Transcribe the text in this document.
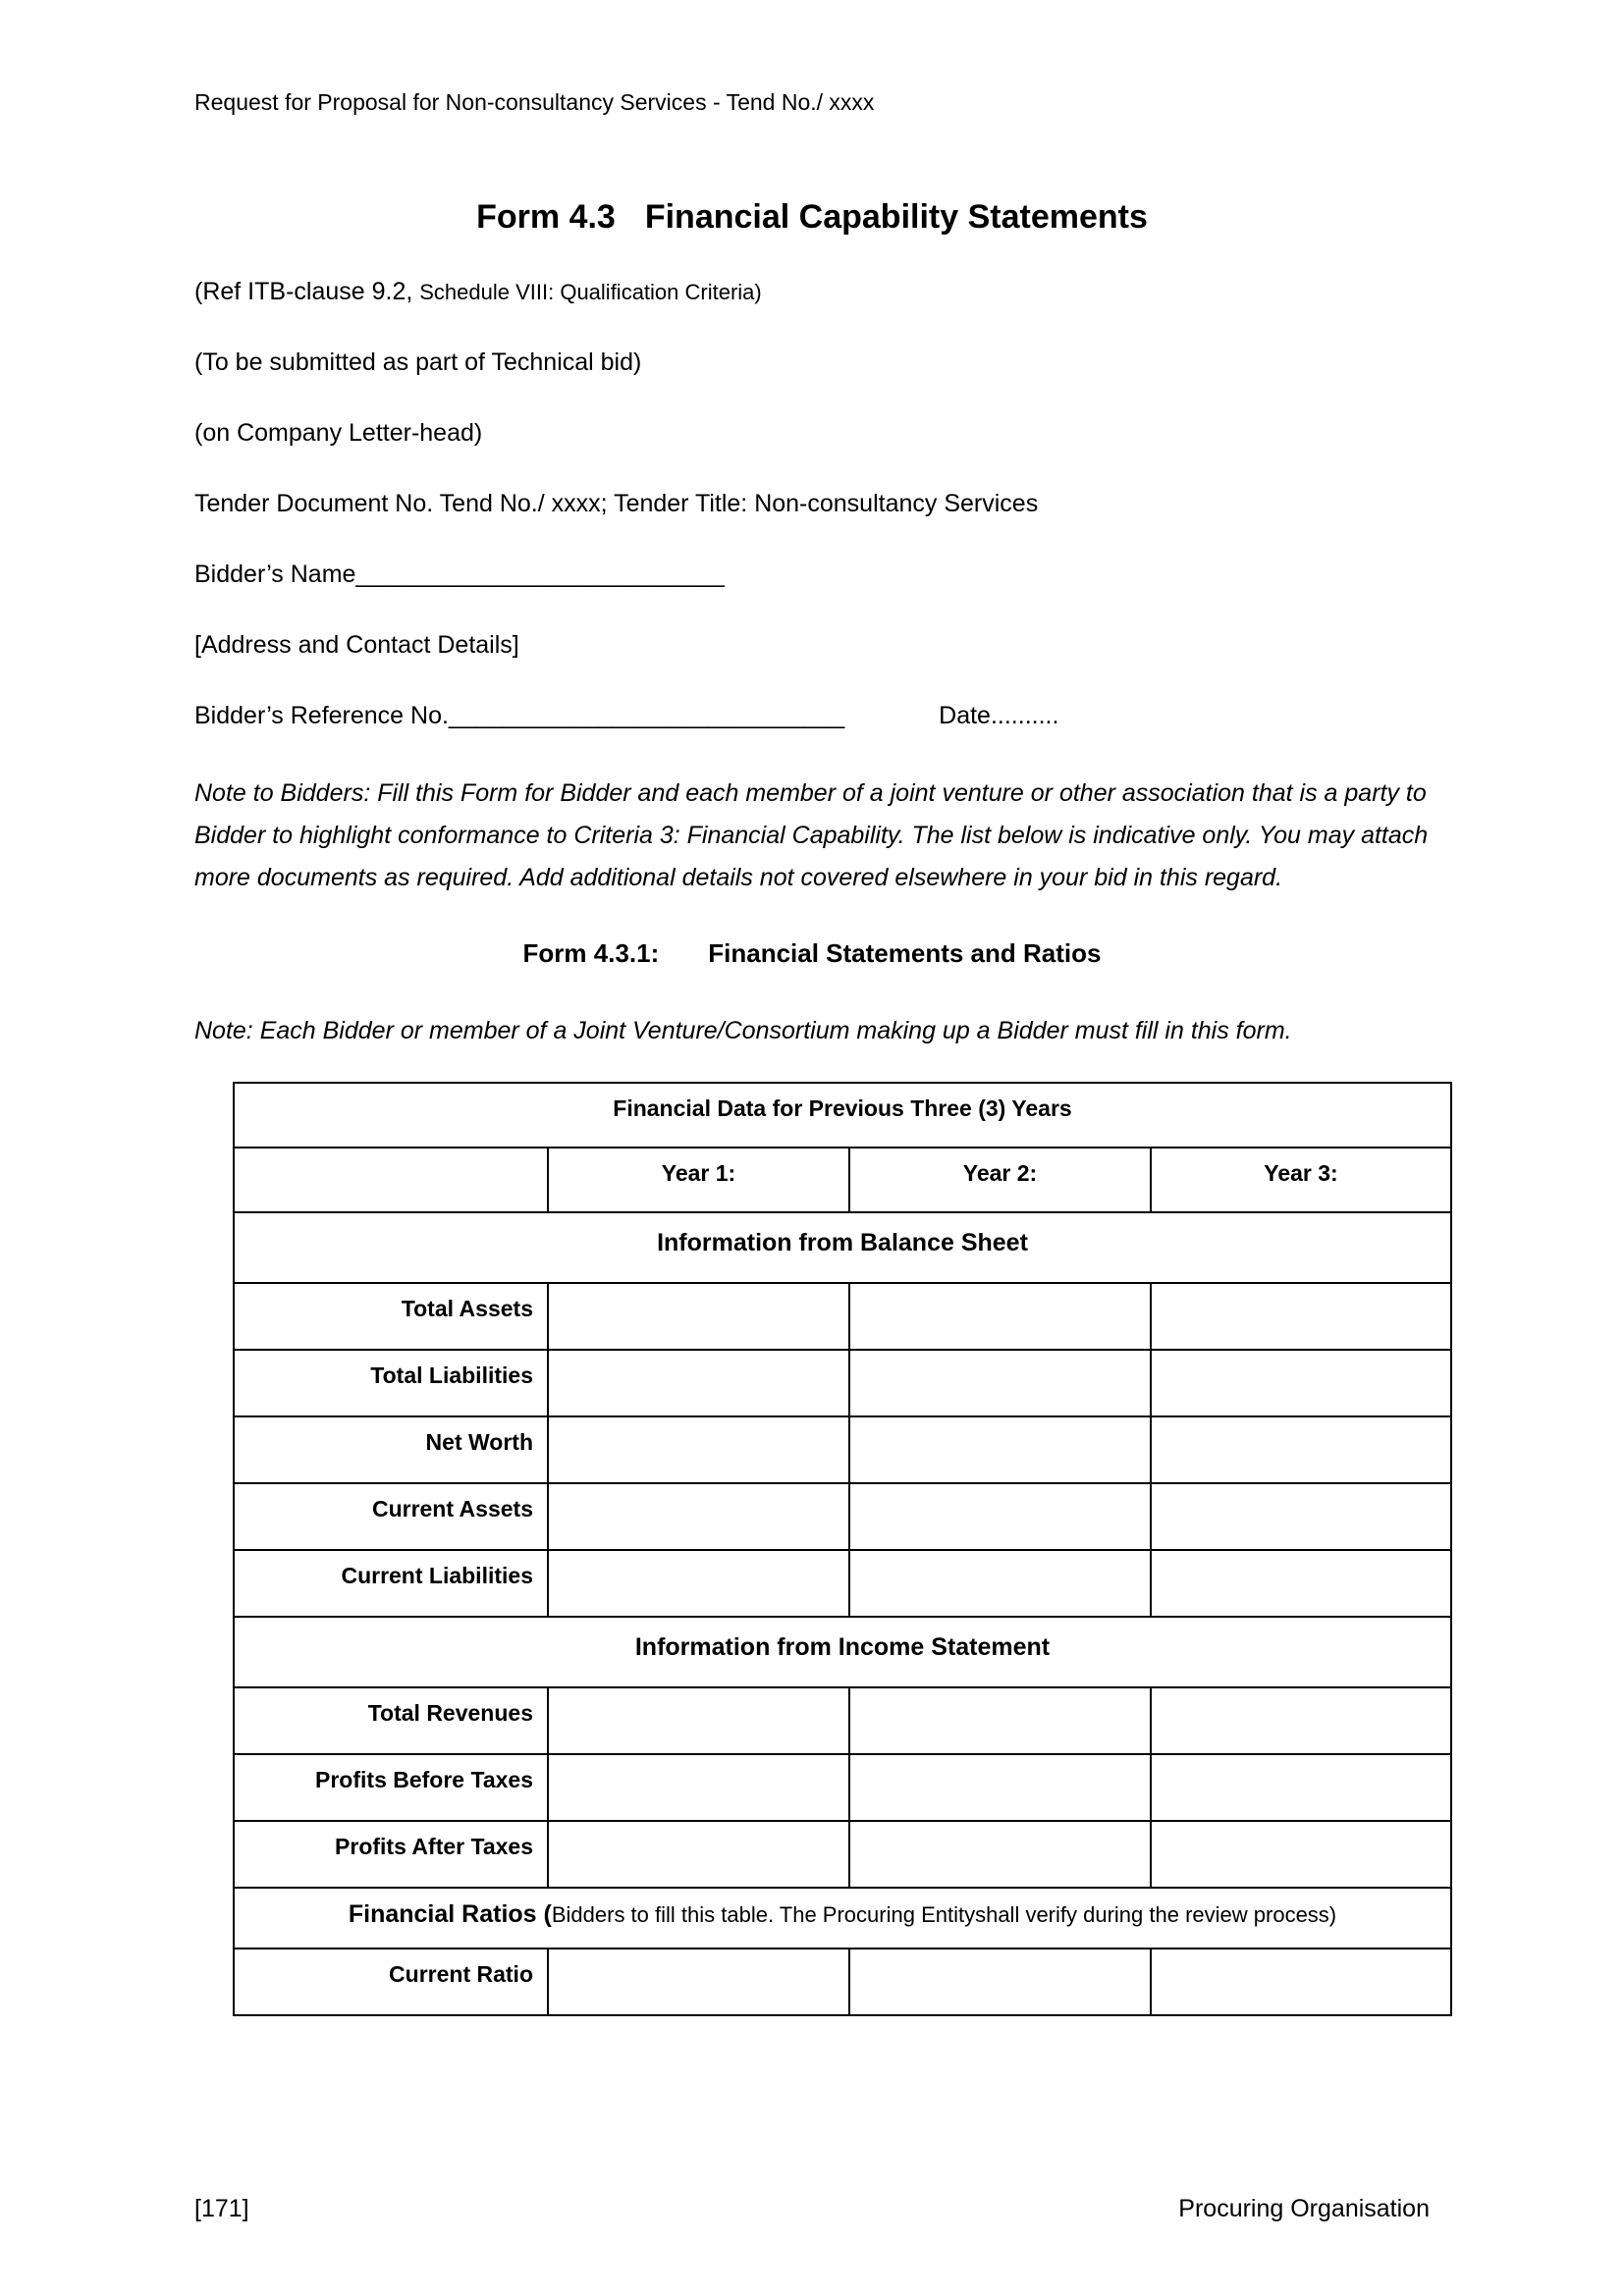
Request for Proposal for Non-consultancy Services - Tend No./ xxxx
Form 4.3 Financial Capability Statements

(Ref ITB-clause 9.2, Schedule VIII: Qualification Criteria)

(To be submitted as part of Technical bid)

(on Company Letter-head)

Tender Document No. Tend No./ xxxx; Tender Title: Non-consultancy Services

Bidder’s Name___________________________

[Address and Contact Details]

Bidder’s Reference No._____________________________	Date..........

Note to Bidders: Fill this Form for Bidder and each member of a joint venture or other association that is a party to Bidder to highlight conformance to Criteria 3: Financial Capability. The list below is indicative only. You may attach more documents as required. Add additional details not covered elsewhere in your bid in this regard.

Form 4.3.1: Financial Statements and Ratios

Note: Each Bidder or member of a Joint Venture/Consortium making up a Bidder must fill in this form.

Financial Data for Previous Three (3) Years			
	Year 1:	Year 2:	Year 3:
Information from Balance Sheet			
Total Assets			
Total Liabilities			
Net Worth			
Current Assets			
Current Liabilities			
Information from Income Statement			
Total Revenues			
Profits Before Taxes			
Profits After Taxes			
Financial Ratios (Bidders to fill this table. The Procuring Entityshall verify during the review process)			
Current Ratio			
[171]	Procuring Organisation
